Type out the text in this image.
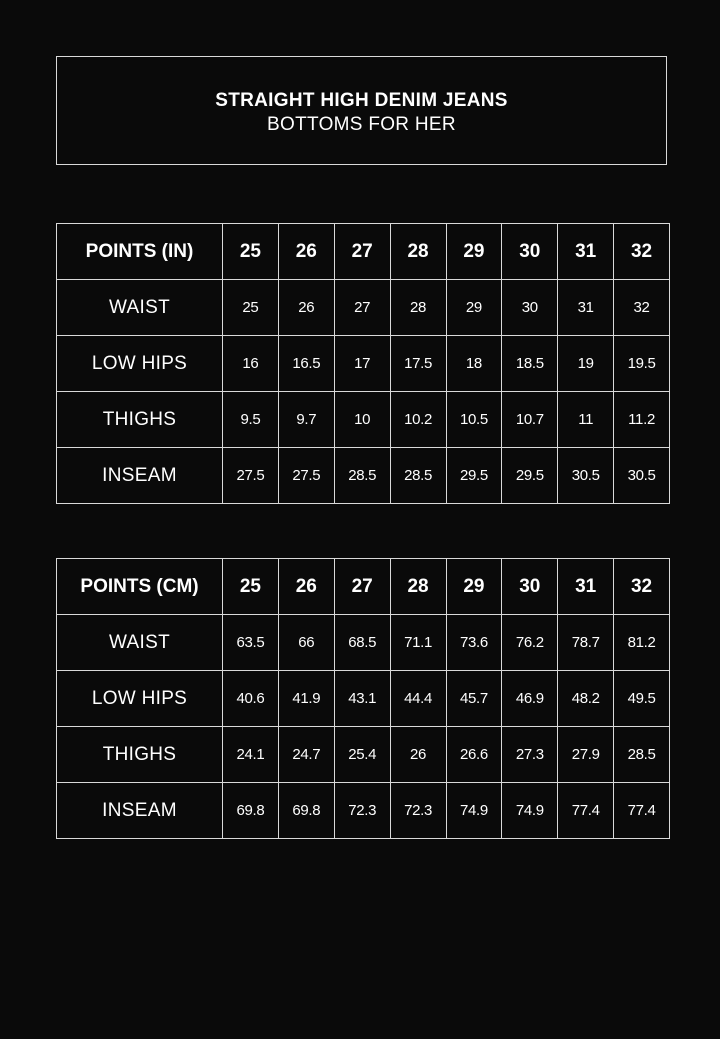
STRAIGHT HIGH DENIM JEANS
BOTTOMS FOR HER
POINTS (IN)	25	26	27	28	29	30	31	32
WAIST	25	26	27	28	29	30	31	32
LOW HIPS	16	16.5	17	17.5	18	18.5	19	19.5
THIGHS	9.5	9.7	10	10.2	10.5	10.7	11	11.2
INSEAM	27.5	27.5	28.5	28.5	29.5	29.5	30.5	30.5
POINTS (CM)	25	26	27	28	29	30	31	32
WAIST	63.5	66	68.5	71.1	73.6	76.2	78.7	81.2
LOW HIPS	40.6	41.9	43.1	44.4	45.7	46.9	48.2	49.5
THIGHS	24.1	24.7	25.4	26	26.6	27.3	27.9	28.5
INSEAM	69.8	69.8	72.3	72.3	74.9	74.9	77.4	77.4
